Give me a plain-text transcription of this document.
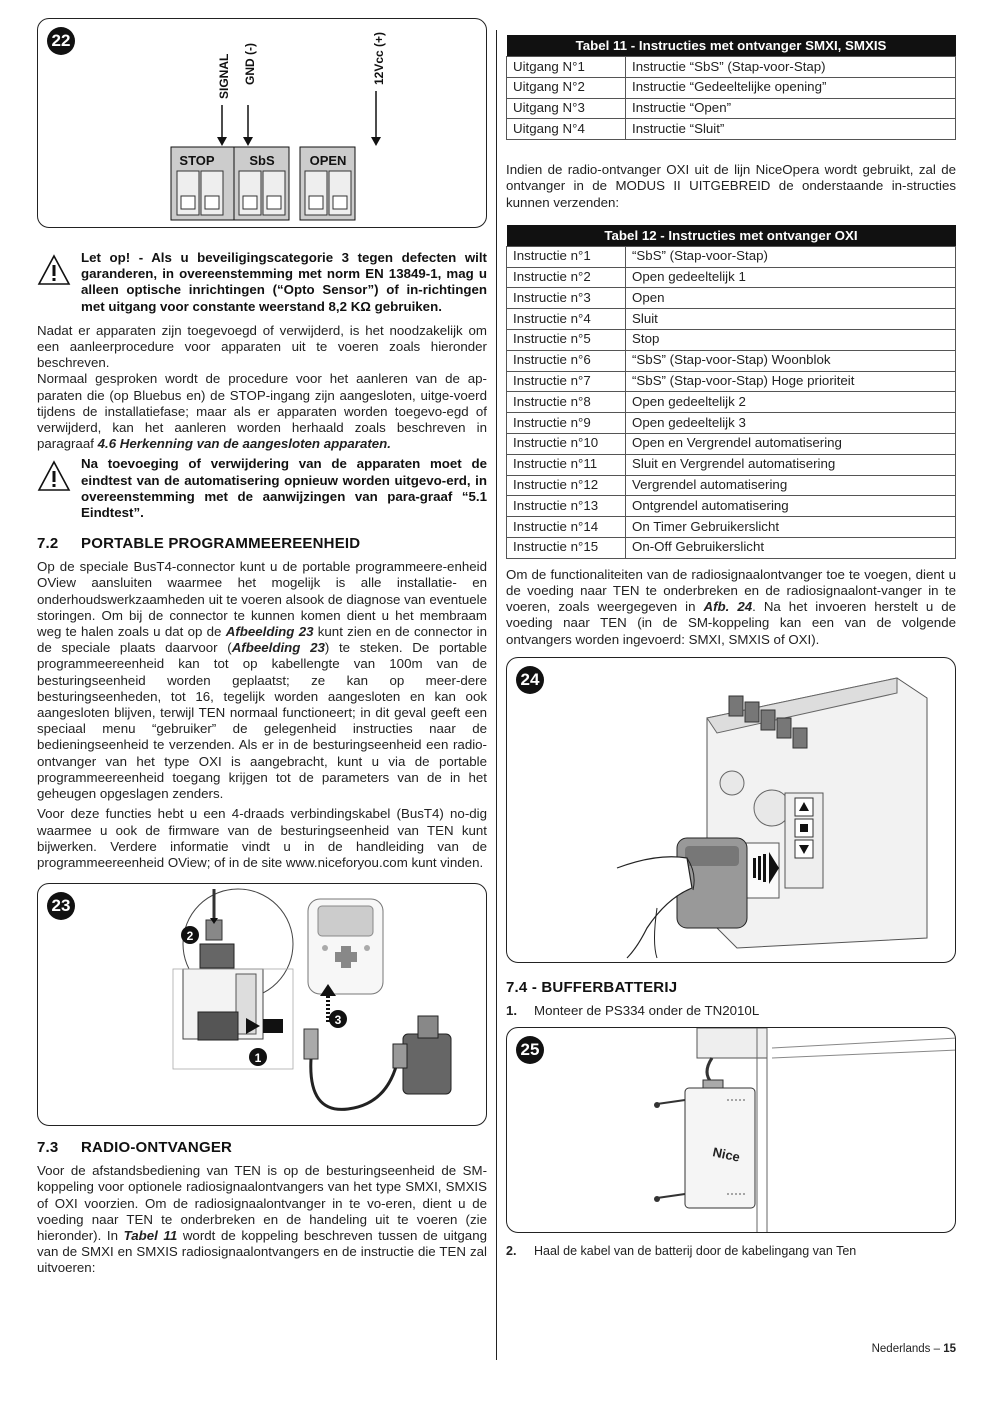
22
SIGNAL GND (-)	12Vcc (+)
STOP	SbS	OPEN

Let op! - Als u beveiligingscategorie 3 tegen defecten wilt garanderen, in overeenstemming met norm EN 13849-1, mag u alleen optische inrichtingen (“Opto Sensor”) of in-richtingen met uitgang voor constante weerstand 8,2 KΩ gebruiken.

Nadat er apparaten zijn toegevoegd of verwijderd, is het noodzakelijk om een aanleerprocedure voor apparaten uit te voeren zoals hieronder beschreven.

Normaal gesproken wordt de procedure voor het aanleren van de ap-paraten die (op Bluebus en) de STOP-ingang zijn aangesloten, uitge-voerd tijdens de installatiefase; maar als er apparaten worden toegevo-egd of verwijderd, kan het aanleren worden herhaald zoals beschreven in paragraaf 4.6 Herkenning van de aangesloten apparaten.

Na toevoeging of verwijdering van de apparaten moet de eindtest van de automatisering opnieuw worden uitgevo-erd, in overeenstemming met de aanwijzingen van para-graaf “5.1 Eindtest”.

7.2 PORTABLE PROGRAMMEEREENHEID

Op de speciale BusT4-connector kunt u de portable programmeere-enheid OView aansluiten waarmee het mogelijk is alle installatie- en onderhoudswerkzaamheden uit te voeren alsook de diagnose van eventuele storingen. Om bij de connector te kunnen komen dient u het membraam weg te halen zoals u dat op de Afbeelding 23 kunt zien en de connector in de speciale plaats daarvoor (Afbeelding 23) te steken. De portable programmeereenheid kan tot op kabellengte van 100m van de besturingseenheid worden geplaatst; ze kan op meer-dere besturingseenheden, tot 16, tegelijk worden aangesloten en kan ook aangesloten blijven, terwijl TEN normaal functioneert; in dit geval geeft een speciaal menu “gebruiker” de gelegenheid instructies naar de bedieningseenheid te verzenden. Als er in de besturingseenheid een radio-ontvanger van het type OXI is aangebracht, kunt u via de portable programmeereenheid toegang krijgen tot de parameters van de in het geheugen opgeslagen zenders.

Voor deze functies hebt u een 4-draads verbindingskabel (BusT4) no-dig waarmee u ook de firmware van de besturingseenheid van TEN kunt bijwerken. Verdere informatie vindt u in de handleiding van de programmeereenheid OView; of in de site www.niceforyou.com kunt vinden.

23
2
1
3
7.3 RADIO-ONTVANGER

Voor de afstandsbediening van TEN is op de besturingseenheid de SM-koppeling voor optionele radiosignaalontvangers van het type SMXI, SMXIS of OXI voorzien. Om de radiosignaalontvanger in te vo-eren, dient u de voeding naar TEN te onderbreken en de handeling uit te voeren (zie hieronder). In Tabel 11 wordt de koppeling beschreven tussen de uitgang van de SMXI en SMXIS radiosignaalontvangers en de instructie die TEN zal uitvoeren:

Tabel 11 - Instructies met ontvanger SMXI, SMXIS	
Uitgang N°1	Instructie “SbS” (Stap-voor-Stap)
Uitgang N°2	Instructie “Gedeeltelijke opening”
Uitgang N°3	Instructie “Open”
Uitgang N°4	Instructie “Sluit”

Indien de radio-ontvanger OXI uit de lijn NiceOpera wordt gebruikt, zal de ontvanger in de MODUS II UITGEBREID de onderstaande in-structies kunnen verzenden:

Tabel 12 - Instructies met ontvanger OXI	
Instructie n°1	“SbS” (Stap-voor-Stap)
Instructie n°2	Open gedeeltelijk 1
Instructie n°3	Open
Instructie n°4	Sluit
Instructie n°5	Stop
Instructie n°6	“SbS” (Stap-voor-Stap) Woonblok
Instructie n°7	“SbS” (Stap-voor-Stap) Hoge prioriteit
Instructie n°8	Open gedeeltelijk 2
Instructie n°9	Open gedeeltelijk 3
Instructie n°10	Open en Vergrendel automatisering
Instructie n°11	Sluit en Vergrendel automatisering
Instructie n°12	Vergrendel automatisering
Instructie n°13	Ontgrendel automatisering
Instructie n°14	On Timer Gebruikerslicht
Instructie n°15	On-Off Gebruikerslicht

Om de functionaliteiten van de radiosignaalontvanger toe te voegen, dient u de voeding naar TEN te onderbreken en de radiosignaalont-vanger in te voeren, zoals weergegeven in Afb. 24. Na het invoeren herstelt u de voeding naar TEN (in de SM-koppeling kan een van de volgende ontvangers worden ingevoerd: SMXI, SMXIS of OXI).

24
7.4 - BUFFERBATTERIJ
1.	Monteer de PS334 onder de TN2010L
25
Nice
2.	Haal de kabel van de batterij door de kabelingang van Ten
Nederlands – 15
